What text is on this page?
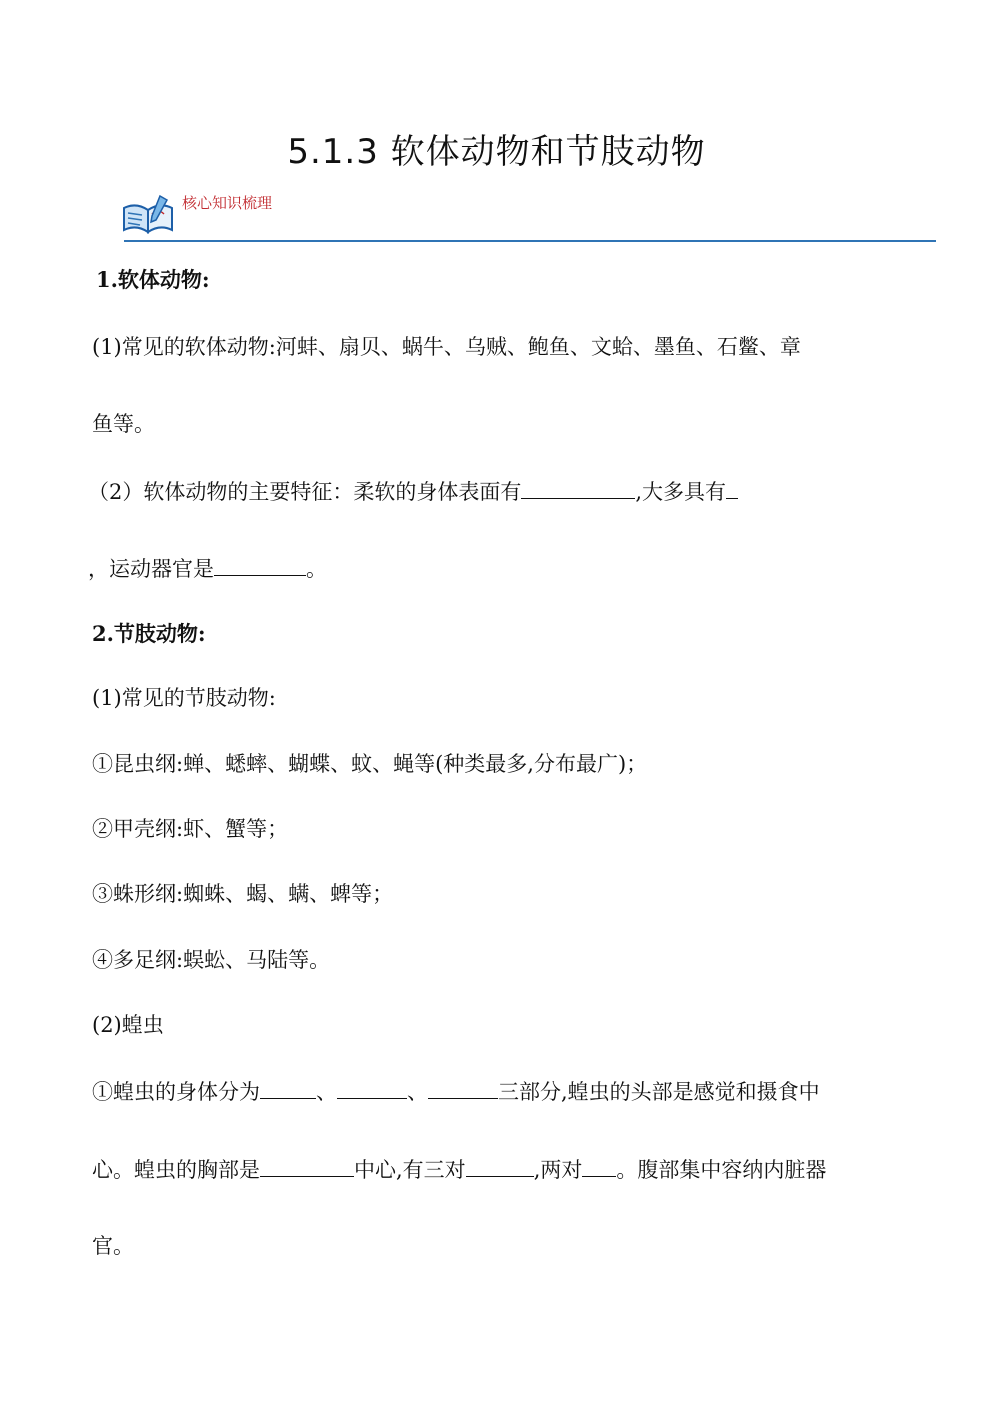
5.1.3 软体动物和节肢动物
核心知识梳理
1.软体动物:
(1)常见的软体动物:河蚌、扇贝、蜗牛、乌贼、鲍鱼、文蛤、墨鱼、石鳖、章
鱼等。
（2）软体动物的主要特征：柔软的身体表面有	,大多具有
，运动器官是	。
2.节肢动物:
(1)常见的节肢动物:
①昆虫纲:蝉、蟋蟀、蝴蝶、蚊、蝇等(种类最多,分布最广)；
②甲壳纲:虾、蟹等；
③蛛形纲:蜘蛛、蝎、螨、蜱等；
④多足纲:蜈蚣、马陆等。
(2)蝗虫
①蝗虫的身体分为	、	、	三部分,蝗虫的头部是感觉和摄食中
心。蝗虫的胸部是	中心,有三对	,两对 。腹部集中容纳内脏器
官。
